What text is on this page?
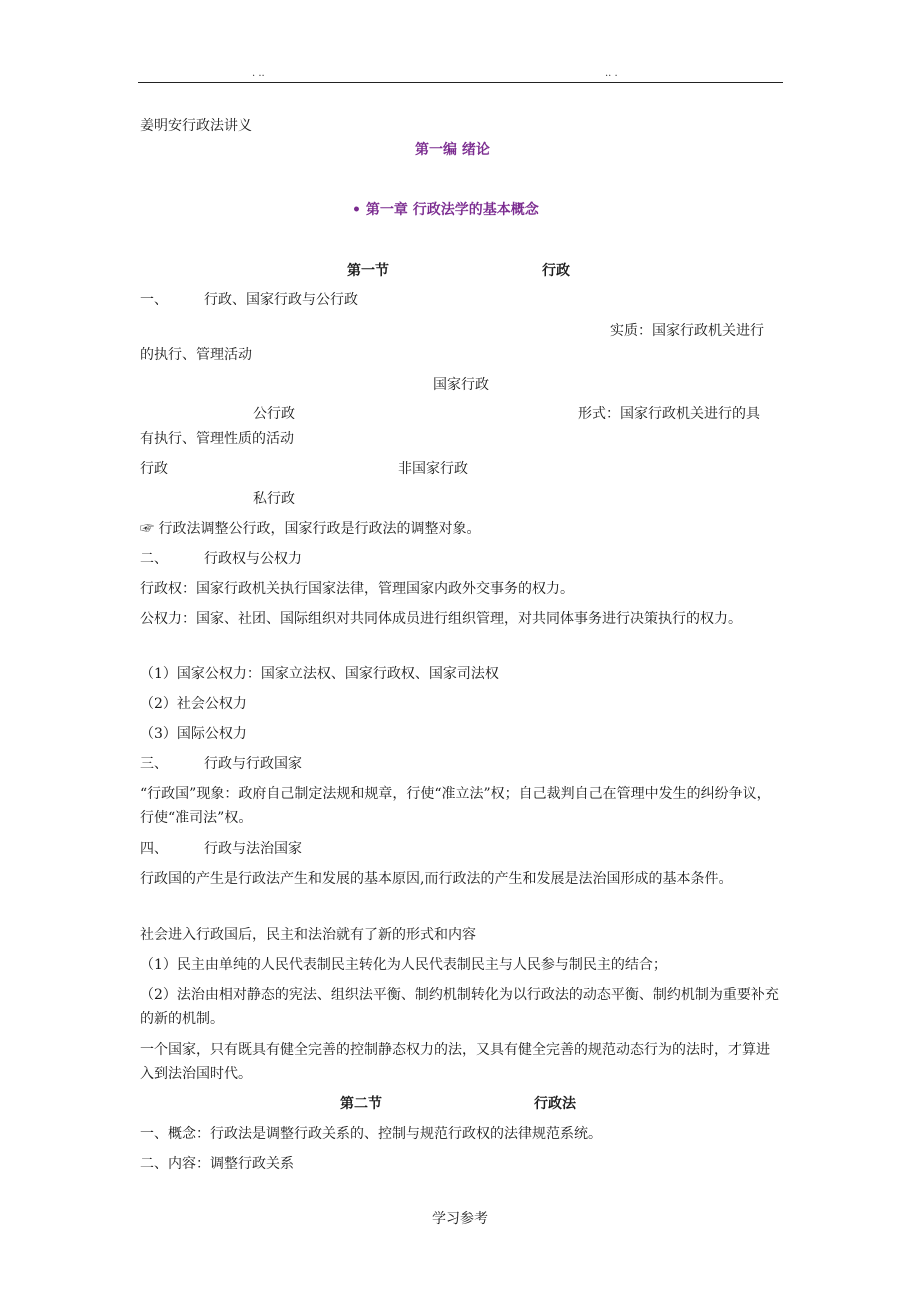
. ..	.. .
姜明安行政法讲义
第一编 绪论
• 第一章 行政法学的基本概念
第一节	行政
一、	行政、国家行政与公行政
实质：国家行政机关进行
的执行、管理活动
国家行政
公行政	形式：国家行政机关进行的具
有执行、管理性质的活动
行政	非国家行政
私行政
☞ 行政法调整公行政，国家行政是行政法的调整对象。
二、	行政权与公权力
行政权：国家行政机关执行国家法律，管理国家内政外交事务的权力。
公权力：国家、社团、国际组织对共同体成员进行组织管理，对共同体事务进行决策执行的权力。
（1）国家公权力：国家立法权、国家行政权、国家司法权
（2）社会公权力
（3）国际公权力
三、	行政与行政国家
“行政国”现象：政府自己制定法规和规章，行使“准立法”权；自己裁判自己在管理中发生的纠纷争议，行使“准司法”权。
四、	行政与法治国家
行政国的产生是行政法产生和发展的基本原因,而行政法的产生和发展是法治国形成的基本条件。
社会进入行政国后，民主和法治就有了新的形式和内容
（1）民主由单纯的人民代表制民主转化为人民代表制民主与人民参与制民主的结合；
（2）法治由相对静态的宪法、组织法平衡、制约机制转化为以行政法的动态平衡、制约机制为重要补充的新的机制。
一个国家，只有既具有健全完善的控制静态权力的法，又具有健全完善的规范动态行为的法时，才算进入到法治国时代。
第二节	行政法
一、概念：行政法是调整行政关系的、控制与规范行政权的法律规范系统。
二、内容：调整行政关系
学习参考
